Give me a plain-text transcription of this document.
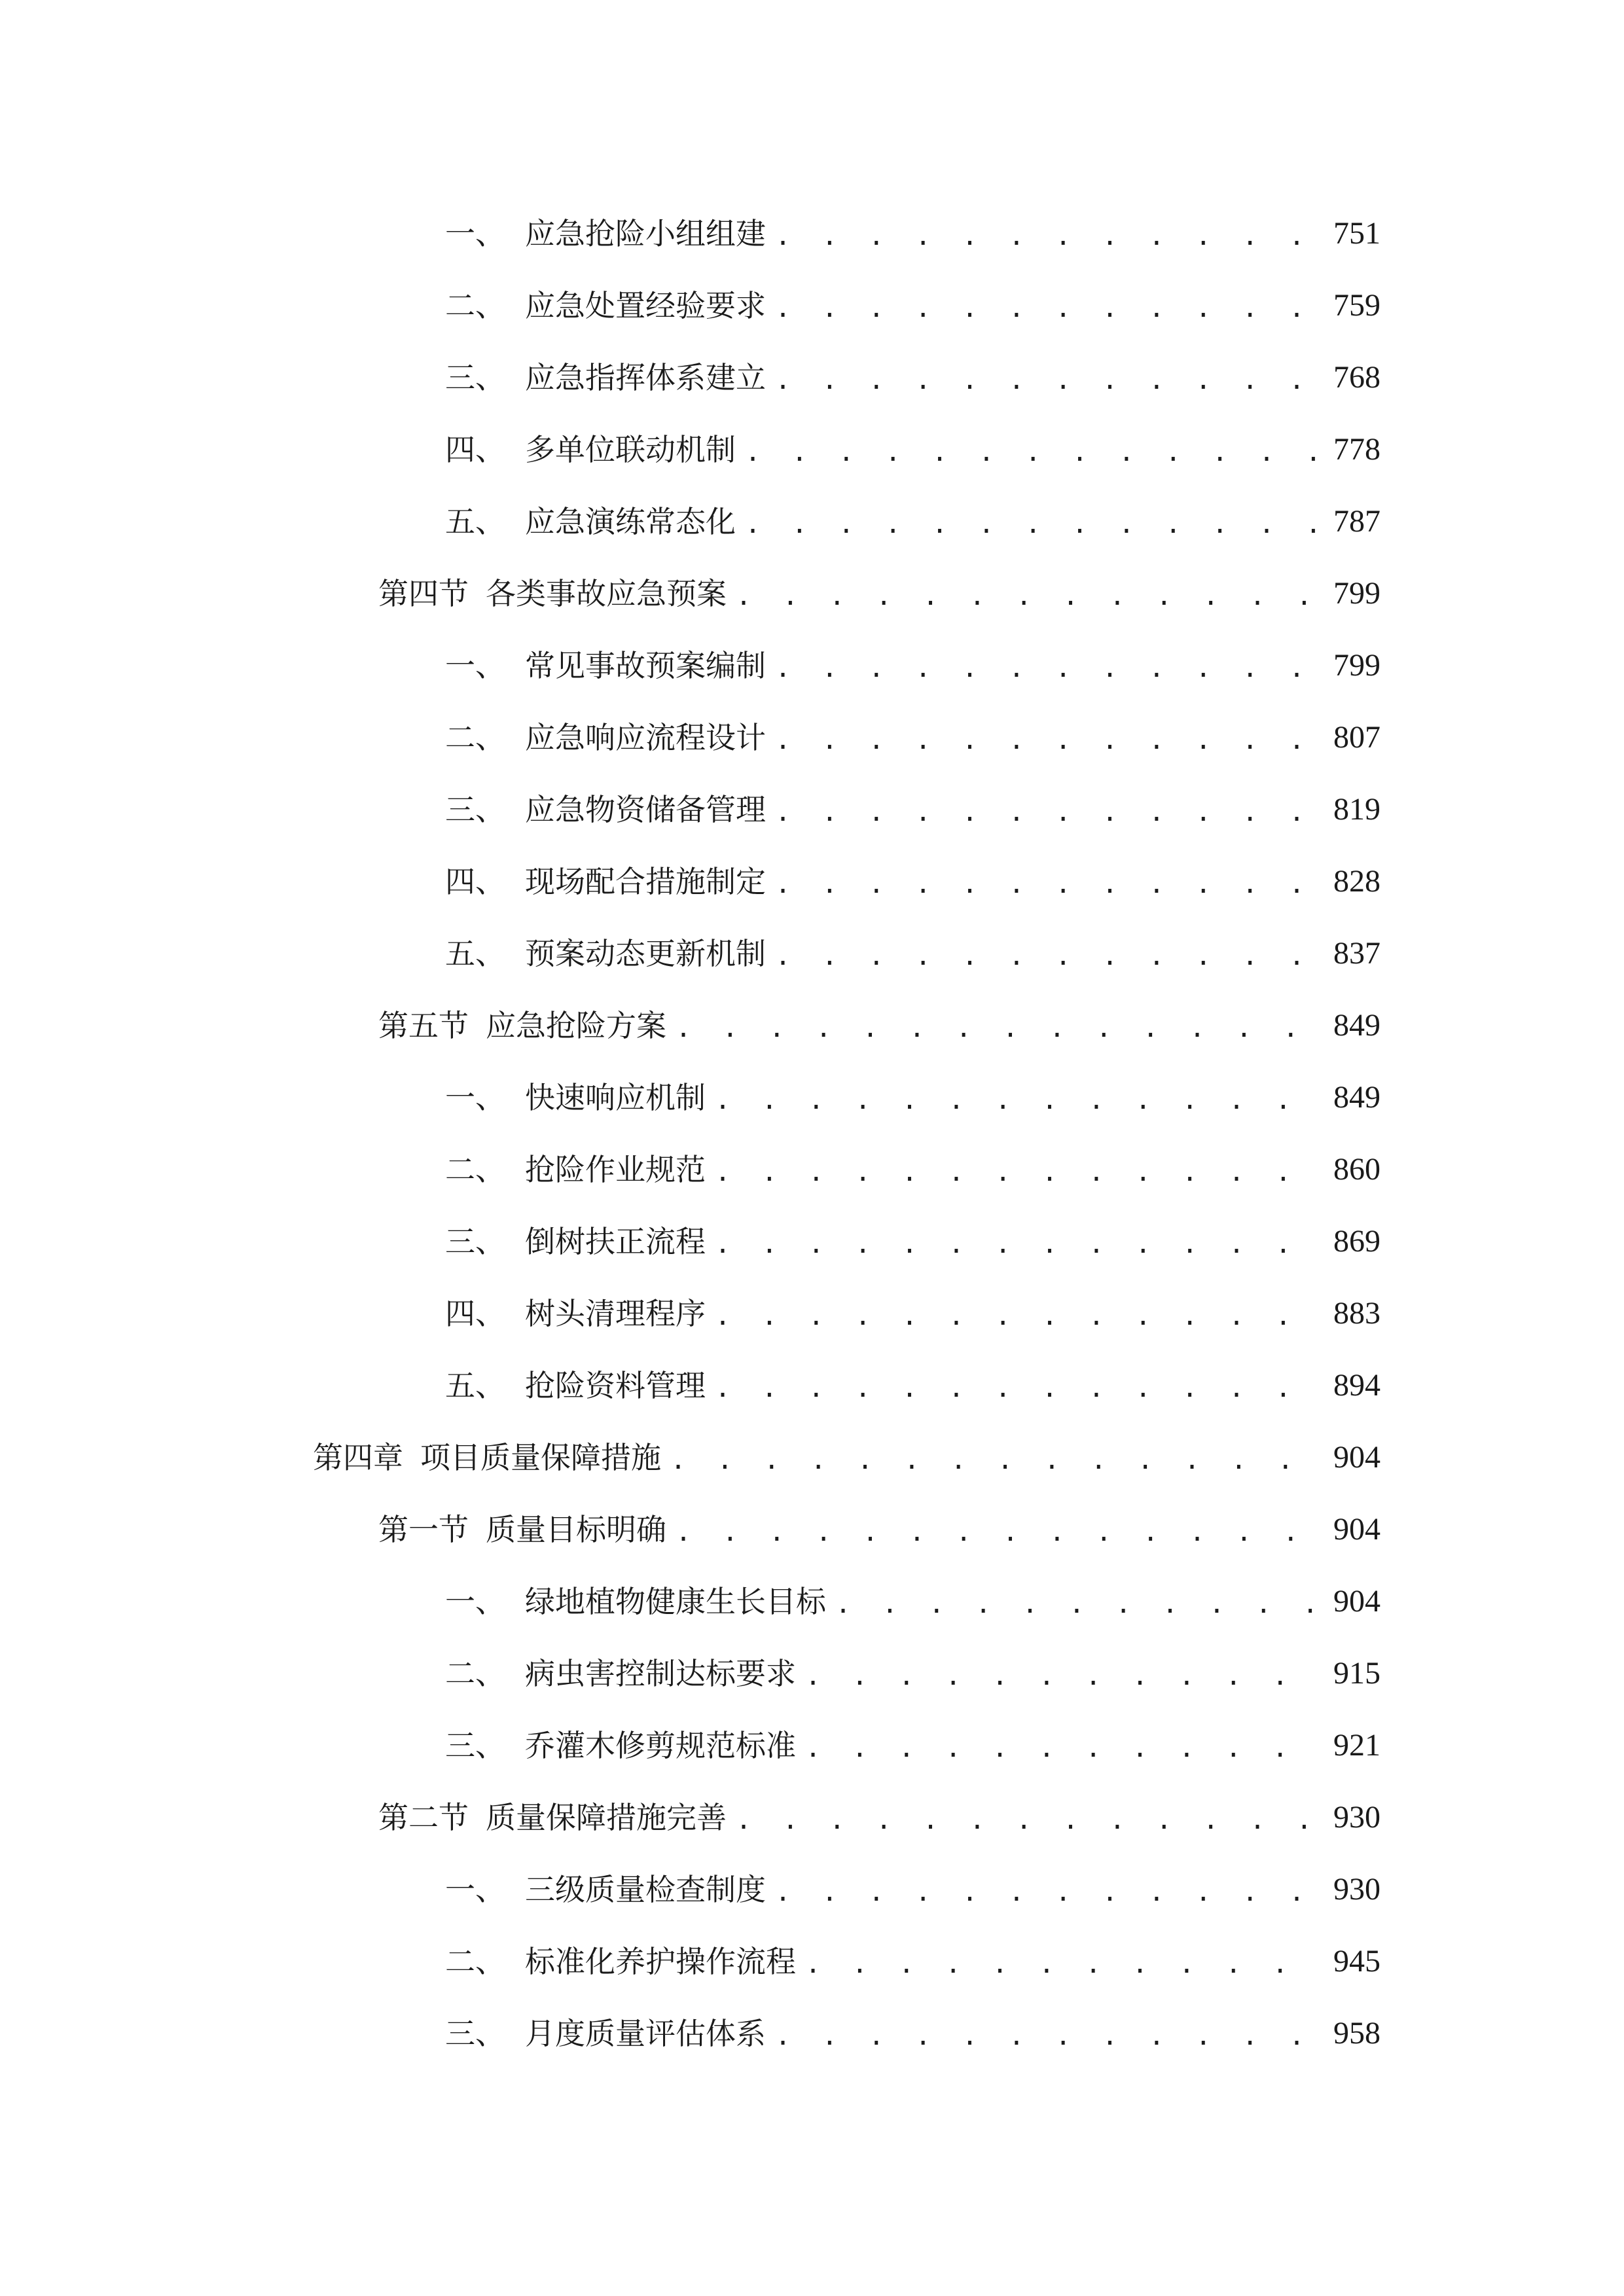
一、 应急抢险小组组建 . . .	751
二、 应急处置经验要求 . . .	759
三、 应急指挥体系建立 . . .	768
四、 多单位联动机制 . . .	778
五、 应急演练常态化 . . .	787
第四节 各类事故应急预案 . . .	799
一、 常见事故预案编制 . . .	799
二、 应急响应流程设计 . . .	807
三、 应急物资储备管理 . . .	819
四、 现场配合措施制定 . . .	828
五、 预案动态更新机制 . . .	837
第五节 应急抢险方案 . . .	849
一、 快速响应机制 . . .	849
二、 抢险作业规范 . . .	860
三、 倒树扶正流程 . . .	869
四、 树头清理程序 . . .	883
五、 抢险资料管理 . . .	894
第四章 项目质量保障措施 . . .	904
第一节 质量目标明确 . . .	904
一、 绿地植物健康生长目标 . . .	904
二、 病虫害控制达标要求 . . .	915
三、 乔灌木修剪规范标准 . . .	921
第二节 质量保障措施完善 . . .	930
一、 三级质量检查制度 . . .	930
二、 标准化养护操作流程 . . .	945
三、 月度质量评估体系 . . .	958
